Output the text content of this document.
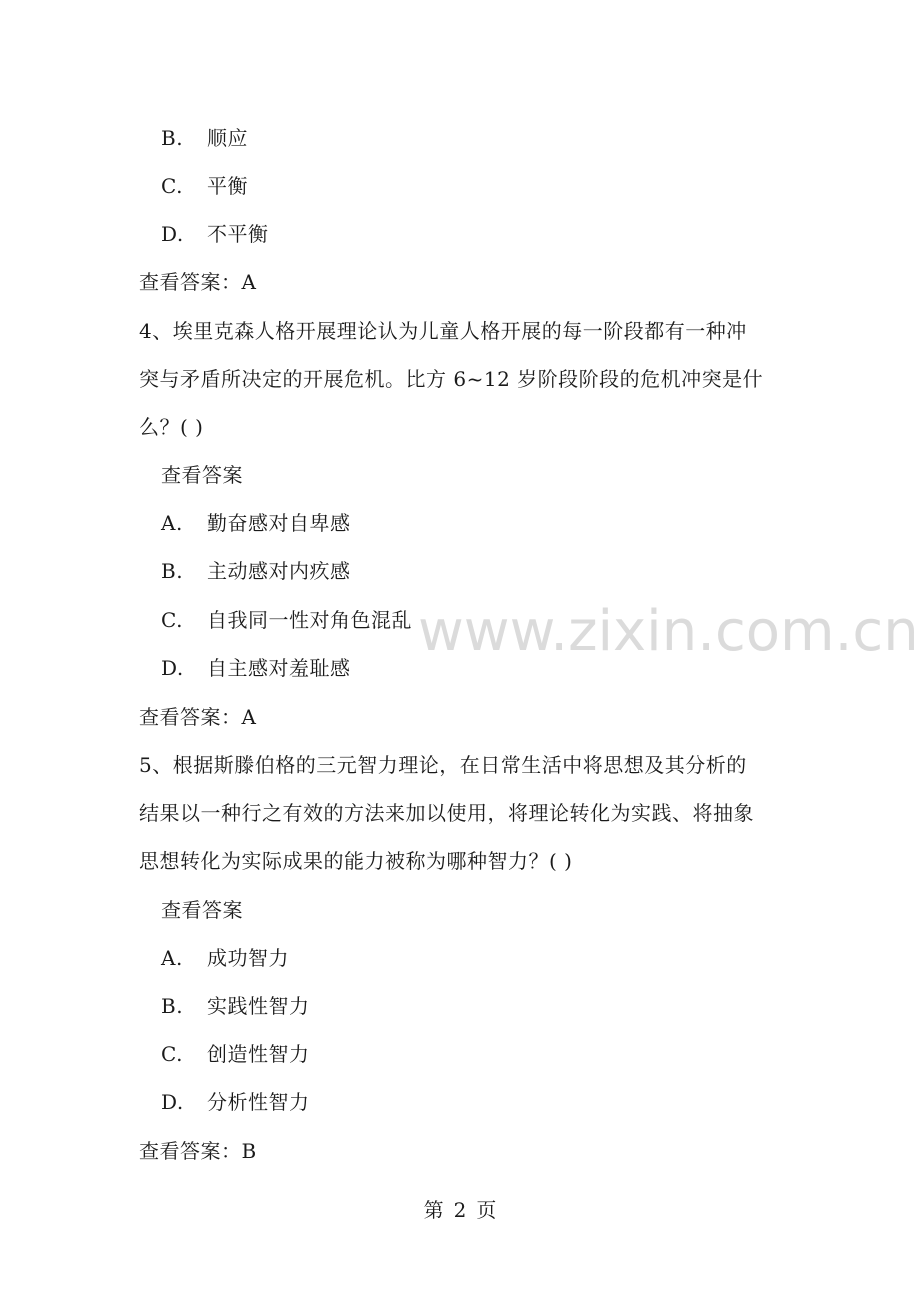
B. 顺应
C. 平衡
D. 不平衡
查看答案：A
4、埃里克森人格开展理论认为儿童人格开展的每一阶段都有一种冲
突与矛盾所决定的开展危机。比方 6~12 岁阶段阶段的危机冲突是什
么？( )
查看答案
A. 勤奋感对自卑感
B. 主动感对内疚感
C. 自我同一性对角色混乱
D. 自主感对羞耻感
查看答案：A
5、根据斯滕伯格的三元智力理论，在日常生活中将思想及其分析的
结果以一种行之有效的方法来加以使用，将理论转化为实践、将抽象
思想转化为实际成果的能力被称为哪种智力？( )
查看答案
A. 成功智力
B. 实践性智力
C. 创造性智力
D. 分析性智力
查看答案：B
www.zixin.com.cn
第 2 页
